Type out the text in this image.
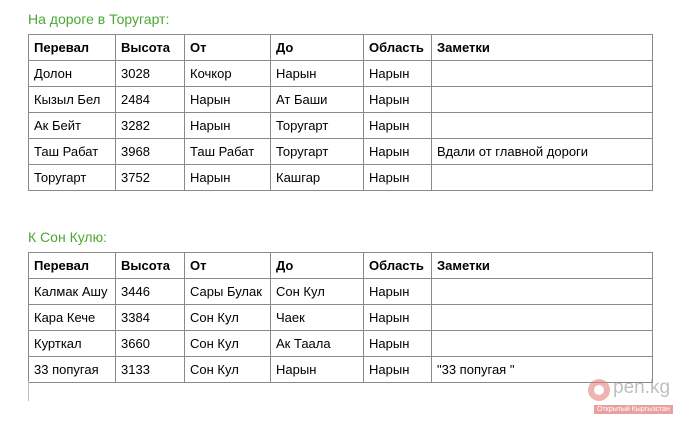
На дороге в Торугарт:
Перевал	Высота	От	До	Область	Заметки
Долон	3028	Кочкор	Нарын	Нарын	
Кызыл Бел	2484	Нарын	Ат Баши	Нарын	
Ак Бейт	3282	Нарын	Торугарт	Нарын	
Таш Рабат	3968	Таш Рабат	Торугарт	Нарын	Вдали от главной дороги
Торугарт	3752	Нарын	Кашгар	Нарын	
К Сон Кулю:
Перевал	Высота	От	До	Область	Заметки
Калмак Ашу	3446	Сары Булак	Сон Кул	Нарын	
Кара Кече	3384	Сон Кул	Чаек	Нарын	
Курткал	3660	Сон Кул	Ак Таала	Нарын	
33 попугая	3133	Сон Кул	Нарын	Нарын	"33 попугая "
pen.kg
Открытый Кыргызстан
